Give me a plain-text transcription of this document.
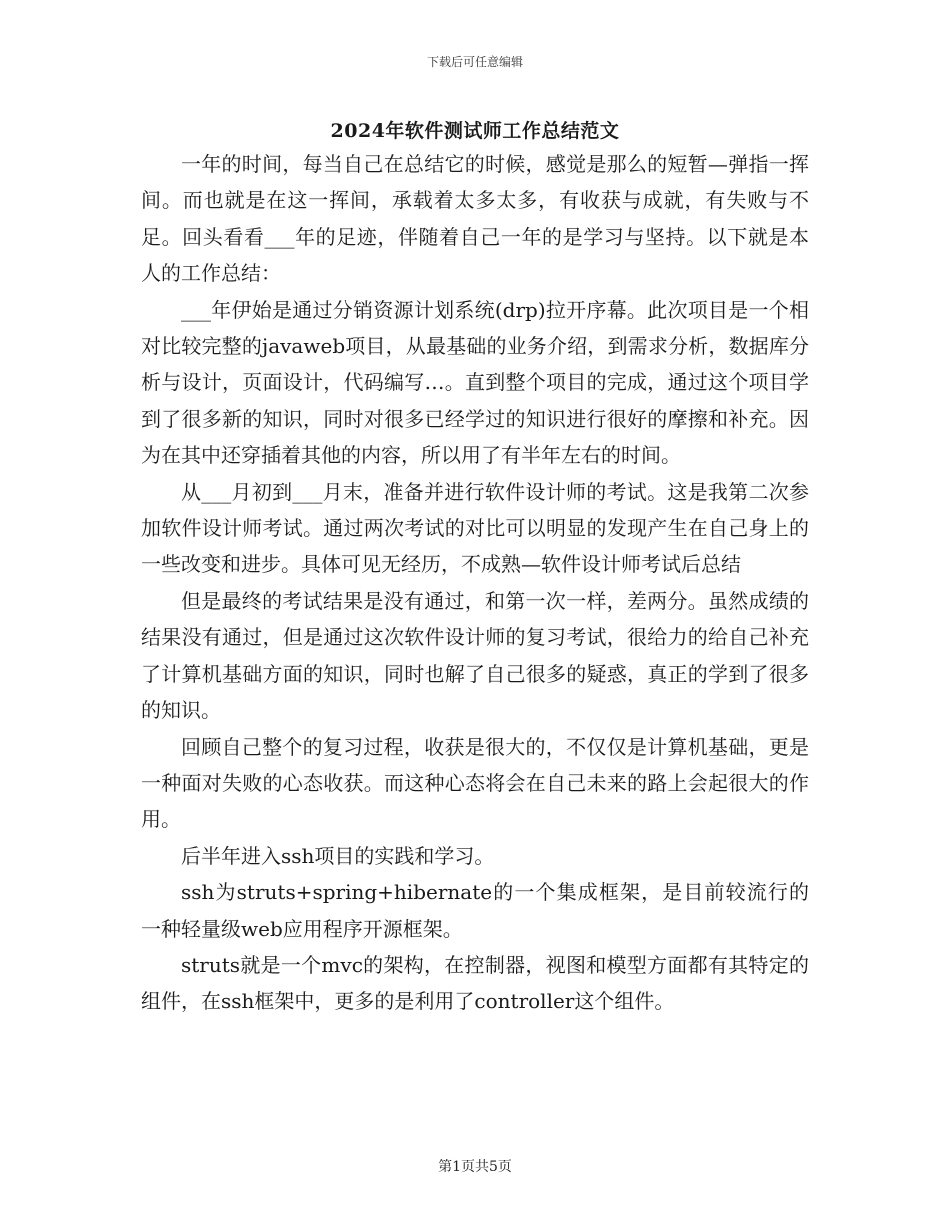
下载后可任意编辑
2024年软件测试师工作总结范文

一年的时间，每当自己在总结它的时候，感觉是那么的短暂—弹指一挥间。而也就是在这一挥间，承载着太多太多，有收获与成就，有失败与不足。回头看看___年的足迹，伴随着自己一年的是学习与坚持。以下就是本人的工作总结：

___年伊始是通过分销资源计划系统(drp)拉开序幕。此次项目是一个相对比较完整的javaweb项目，从最基础的业务介绍，到需求分析，数据库分析与设计，页面设计，代码编写…。直到整个项目的完成，通过这个项目学到了很多新的知识，同时对很多已经学过的知识进行很好的摩擦和补充。因为在其中还穿插着其他的内容，所以用了有半年左右的时间。

从___月初到___月末，准备并进行软件设计师的考试。这是我第二次参加软件设计师考试。通过两次考试的对比可以明显的发现产生在自己身上的一些改变和进步。具体可见无经历，不成熟—软件设计师考试后总结

但是最终的考试结果是没有通过，和第一次一样，差两分。虽然成绩的结果没有通过，但是通过这次软件设计师的复习考试，很给力的给自己补充了计算机基础方面的知识，同时也解了自己很多的疑惑，真正的学到了很多的知识。

回顾自己整个的复习过程，收获是很大的，不仅仅是计算机基础，更是一种面对失败的心态收获。而这种心态将会在自己未来的路上会起很大的作用。

后半年进入ssh项目的实践和学习。

ssh为struts+spring+hibernate的一个集成框架，是目前较流行的一种轻量级web应用程序开源框架。

struts就是一个mvc的架构，在控制器，视图和模型方面都有其特定的组件，在ssh框架中，更多的是利用了controller这个组件。

第1页共5页
